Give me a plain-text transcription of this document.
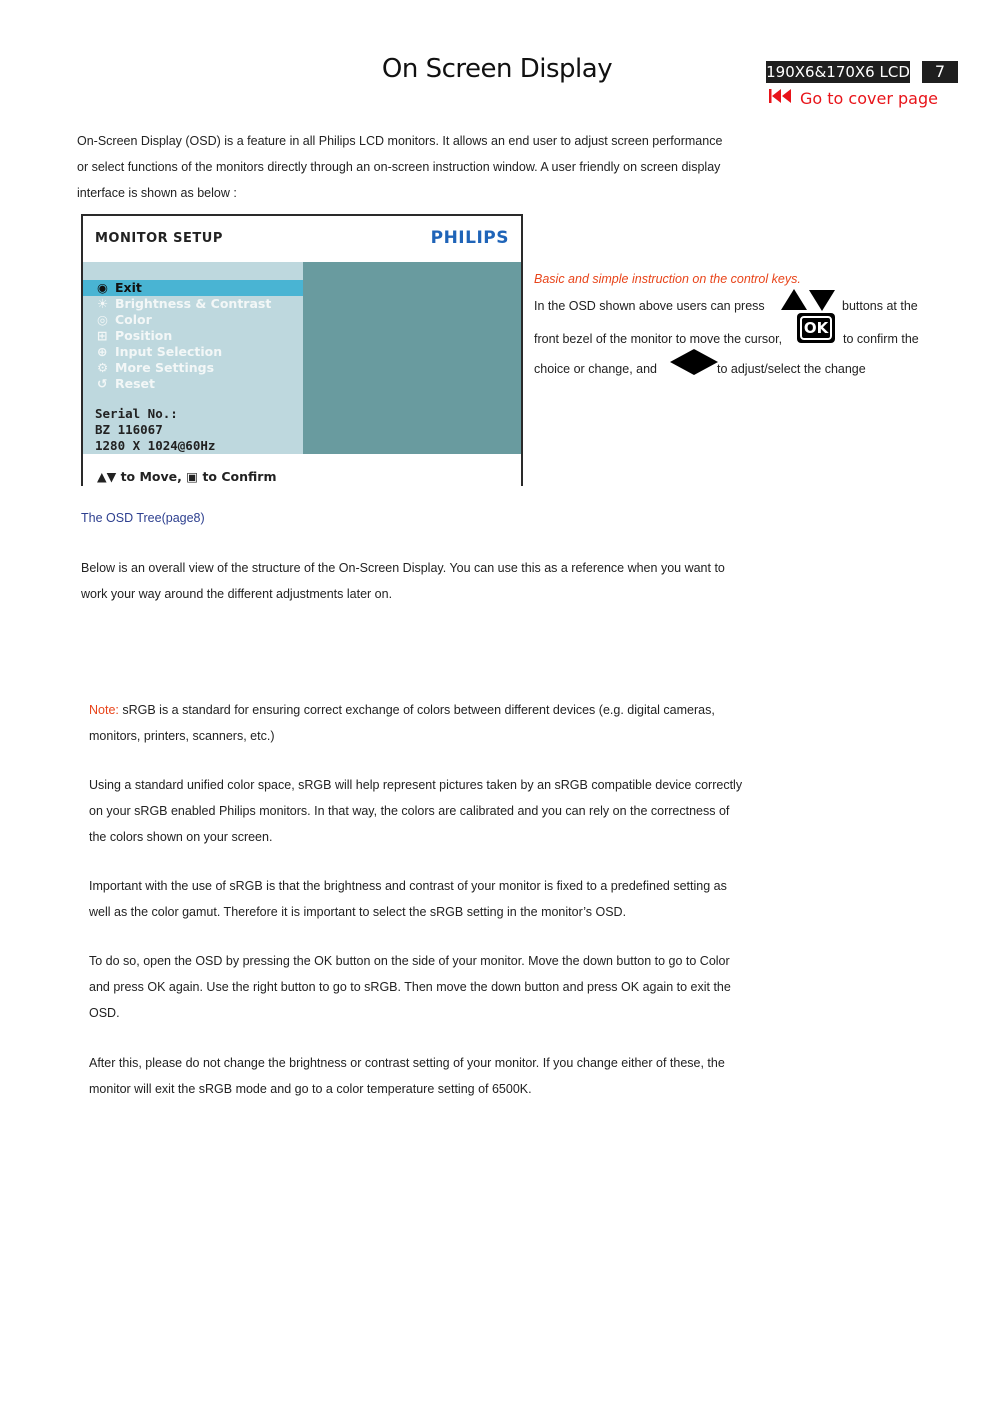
On Screen Display	190X6&170X6 LCD	7
Go to cover page
On-Screen Display (OSD) is a feature in all Philips LCD monitors. It allows an end user to adjust screen performance
or select functions of the monitors directly through an on-screen instruction window. A user friendly on screen display
interface is shown as below :
MONITOR SETUP	PHILIPS
◉ Exit
☀ Brightness & Contrast
◎ Color
⊞ Position
⊕ Input Selection
⚙ More Settings
↺ Reset
Serial No.:
BZ 116067
1280 X 1024@60Hz
▲▼ to Move, ▣ to Confirm
Basic and simple instruction on the control keys.
In the OSD shown above users can press	buttons at the
front bezel of the monitor to move the cursor,
OK
to confirm the
choice or change, and	to adjust/select the change
The OSD Tree(page8)
Below is an overall view of the structure of the On-Screen Display. You can use this as a reference when you want to
work your way around the different adjustments later on.
Note: sRGB is a standard for ensuring correct exchange of colors between different devices (e.g. digital cameras,
monitors, printers, scanners, etc.)
Using a standard unified color space, sRGB will help represent pictures taken by an sRGB compatible device correctly
on your sRGB enabled Philips monitors. In that way, the colors are calibrated and you can rely on the correctness of
the colors shown on your screen.
Important with the use of sRGB is that the brightness and contrast of your monitor is fixed to a predefined setting as
well as the color gamut. Therefore it is important to select the sRGB setting in the monitor’s OSD.
To do so, open the OSD by pressing the OK button on the side of your monitor. Move the down button to go to Color
and press OK again. Use the right button to go to sRGB. Then move the down button and press OK again to exit the
OSD.
After this, please do not change the brightness or contrast setting of your monitor. If you change either of these, the
monitor will exit the sRGB mode and go to a color temperature setting of 6500K.
